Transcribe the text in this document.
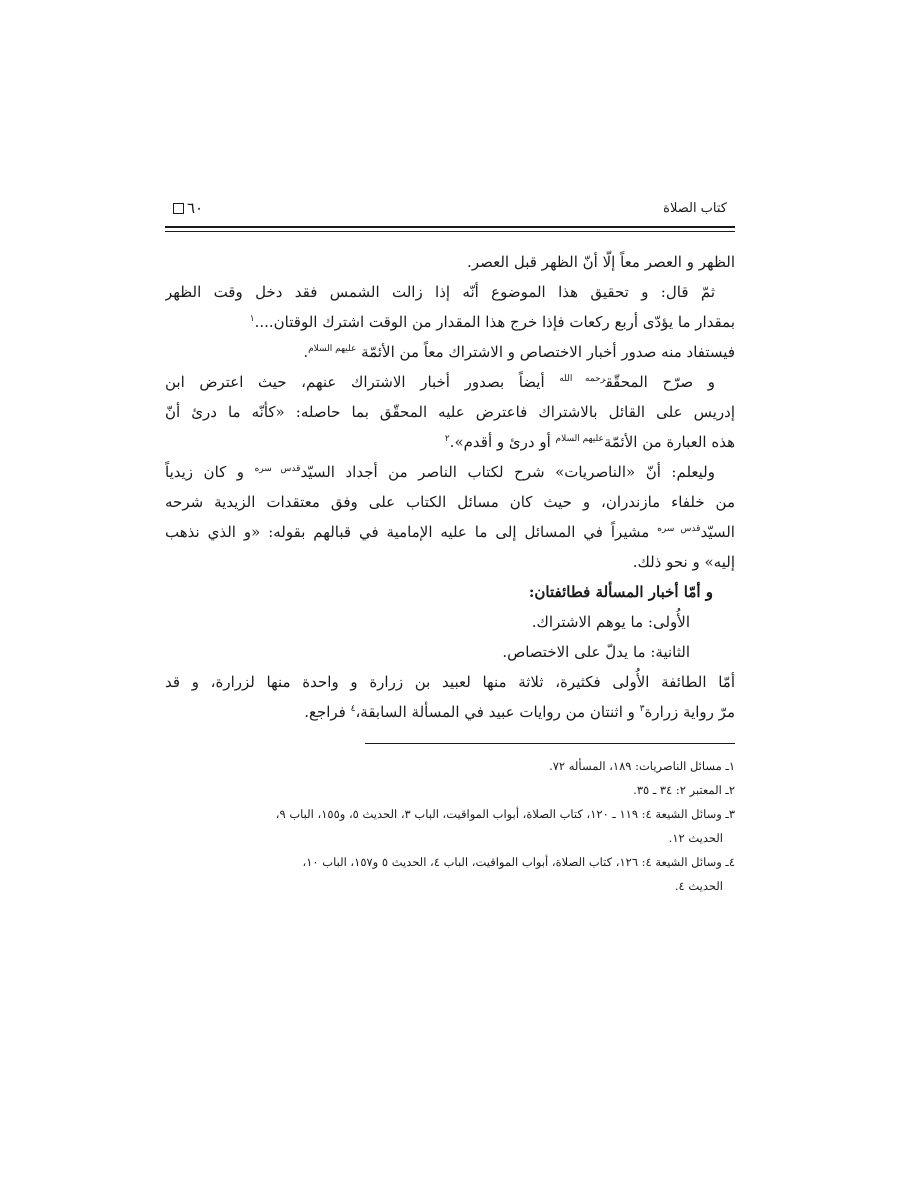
كتاب الصلاة
٦٠
الظهر و العصر معاً إلّا أنّ الظهر قبل العصر.
ثمّ قال: و تحقيق هذا الموضوع أنّه إذا زالت الشمس فقد دخل وقت الظهر
بمقدار ما يؤدّى أربع ركعات فإذا خرج هذا المقدار من الوقت اشترك الوقتان....$^١$
فيستفاد منه صدور أخبار الاختصاص و الاشتراك معاً من الأئمّة $^{عليهم السلام}$.
و صرّح المحقّق$^{رحمه الله}$ أيضاً بصدور أخبار الاشتراك عنهم، حيث اعترض ابن
إدريس على القائل بالاشتراك فاعترض عليه المحقّق بما حاصله: «كأنّه ما درئ أنّ
هذه العبارة من الأئمّة$^{عليهم السلام}$ أو درئ و أقدم».$^٢$
وليعلم: أنّ «الناصريات» شرح لكتاب الناصر من أجداد السيّد$^{قدس سره}$ و كان زيدياً
من خلفاء مازندران، و حيث كان مسائل الكتاب على وفق معتقدات الزيدية شرحه
السيّد$^{قدس سره}$ مشيراً في المسائل إلى ما عليه الإمامية في قبالهم بقوله: «و الذي نذهب
إليه» و نحو ذلك.
و أمّا أخبار المسألة فطائفتان:
الأُولى: ما يوهم الاشتراك.
الثانية: ما يدلّ على الاختصاص.
أمّا الطائفة الأُولى فكثيرة، ثلاثة منها لعبيد بن زرارة و واحدة منها لزرارة، و قد
مرّ رواية زرارة$^٣$ و اثنتان من روايات عبيد في المسألة السابقة،$^٤$ فراجع.
١ـ مسائل الناصريات: ١٨٩، المسأله ٧٢.
٢ـ المعتبر ٢: ٣٤ ـ ٣٥.
٣ـ وسائل الشيعة ٤: ١١٩ ـ ١٢٠، كتاب الصلاة، أبواب المواقيت، الباب ٣، الحديث ٥، و١٥٥، الباب ٩،
الحديث ١٢.
٤ـ وسائل الشيعة ٤: ١٢٦، كتاب الصلاة، أبواب المواقيت، الباب ٤، الحديث ٥ و١٥٧، الباب ١٠،
الحديث ٤.
